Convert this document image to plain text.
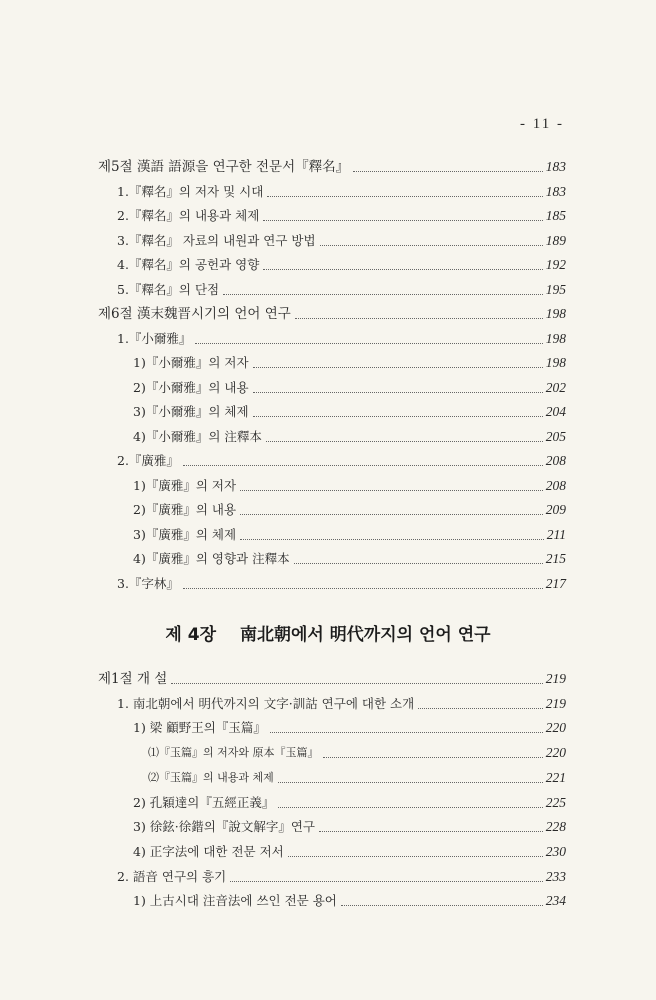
- 11 -
제5절 漢語 語源을 연구한 전문서『釋名』	183
1.『釋名』의 저자 및 시대	183
2.『釋名』의 내용과 체제	185
3.『釋名』 자료의 내원과 연구 방법	189
4.『釋名』의 공헌과 영향	192
5.『釋名』의 단점	195
제6절 漢末魏晋시기의 언어 연구	198
1.『小爾雅』	198
1)『小爾雅』의 저자	198
2)『小爾雅』의 내용	202
3)『小爾雅』의 체제	204
4)『小爾雅』의 注釋本	205
2.『廣雅』	208
1)『廣雅』의 저자	208
2)『廣雅』의 내용	209
3)『廣雅』의 체제	211
4)『廣雅』의 영향과 注釋本	215
3.『字林』	217
제1절 개 설	219
1. 南北朝에서 明代까지의 文字·訓詁 연구에 대한 소개	219
1) 梁 顧野王의『玉篇』	220
⑴『玉篇』의 저자와 原本『玉篇』	220
⑵『玉篇』의 내용과 체제	221
2) 孔穎達의『五經正義』	225
3) 徐鉉·徐鍇의『說文解字』연구	228
4) 正字法에 대한 전문 저서	230
2. 語音 연구의 흥기	233
1) 上古시대 注音法에 쓰인 전문 용어	234
제 4장 南北朝에서 明代까지의 언어 연구
